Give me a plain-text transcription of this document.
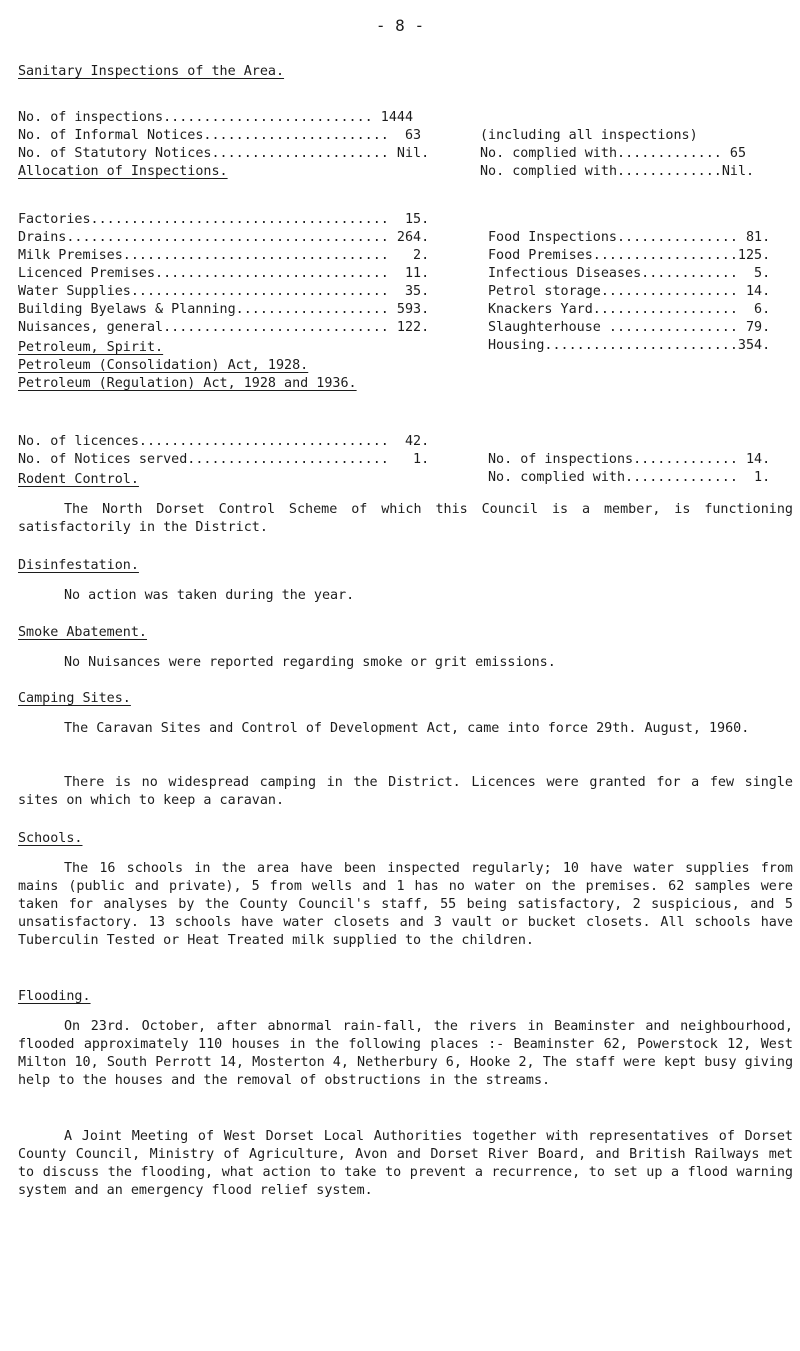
- 8 -
Sanitary Inspections of the Area.

No. of inspections.......................... 1444

(including all inspections)

No. of Informal Notices.......................  63

No. complied with............. 65

No. of Statutory Notices...................... Nil.

No. complied with.............Nil.

Allocation of Inspections.

Factories.....................................  15.

Food Inspections............... 81.

Drains........................................ 264.

Food Premises..................125.

Milk Premises.................................   2.

Infectious Diseases............  5.

Licenced Premises.............................  11.

Petrol storage................. 14.

Water Supplies................................  35.

Knackers Yard..................  6.

Building Byelaws & Planning................... 593.

Slaughterhouse ................ 79.

Nuisances, general............................ 122.

Housing........................354.

Petroleum, Spirit.
Petroleum (Consolidation) Act, 1928.
Petroleum (Regulation) Act, 1928 and 1936.

No. of licences...............................  42.

No. of inspections............. 14.

No. of Notices served.........................   1.

No. complied with..............  1.

Rodent Control.
The North Dorset Control Scheme of which this Council is a member, is functioning satisfactorily in the District.
Disinfestation.
No action was taken during the year.
Smoke Abatement.
No Nuisances were reported regarding smoke or grit emissions.
Camping Sites.
The Caravan Sites and Control of Development Act, came into force 29th. August, 1960.
There is no widespread camping in the District. Licences were granted for a few single sites on which to keep a caravan.
Schools.
The 16 schools in the area have been inspected regularly; 10 have water supplies from mains (public and private), 5 from wells and 1 has no water on the premises. 62 samples were taken for analyses by the County Council's staff, 55 being satisfactory, 2 suspicious, and 5 unsatisfactory. 13 schools have water closets and 3 vault or bucket closets. All schools have Tuberculin Tested or Heat Treated milk supplied to the children.
Flooding.
On 23rd. October, after abnormal rain-fall, the rivers in Beaminster and neighbourhood, flooded approximately 110 houses in the following places :- Beaminster 62, Powerstock 12, West Milton 10, South Perrott 14, Mosterton 4, Netherbury 6, Hooke 2, The staff were kept busy giving help to the houses and the removal of obstructions in the streams.
A Joint Meeting of West Dorset Local Authorities together with representatives of Dorset County Council, Ministry of Agriculture, Avon and Dorset River Board, and British Railways met to discuss the flooding, what action to take to prevent a recurrence, to set up a flood warning system and an emergency flood relief system.
